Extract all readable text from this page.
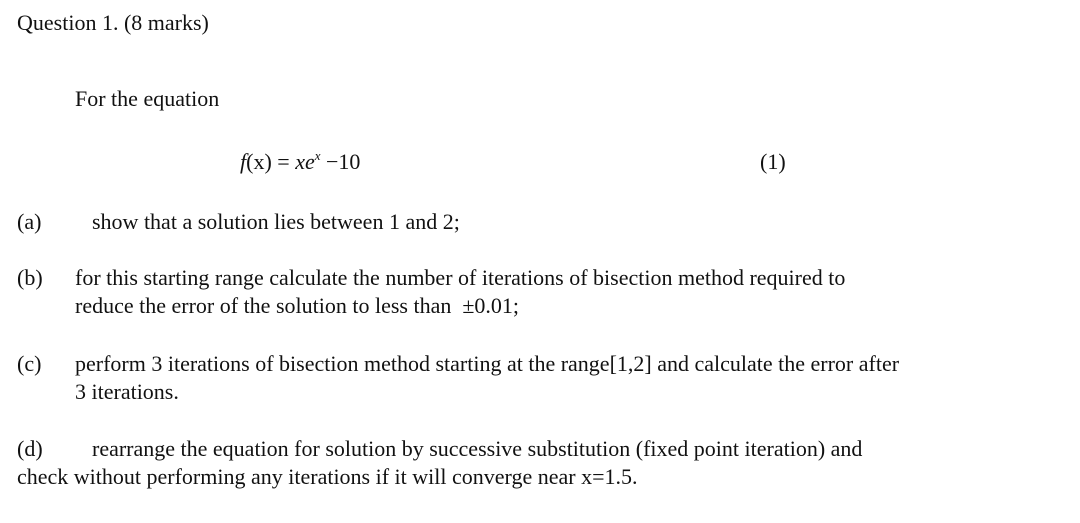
Question 1. (8 marks)
For the equation
$f(x) = xe^x -10$	(1)
(a) show that a solution lies between 1 and 2;
(b) for this starting range calculate the number of iterations of bisection method required to
reduce the error of the solution to less than  ±0.01;
(c) perform 3 iterations of bisection method starting at the range[1,2] and calculate the error after
3 iterations.
(d) rearrange the equation for solution by successive substitution (fixed point iteration) and
check without performing any iterations if it will converge near x=1.5.
